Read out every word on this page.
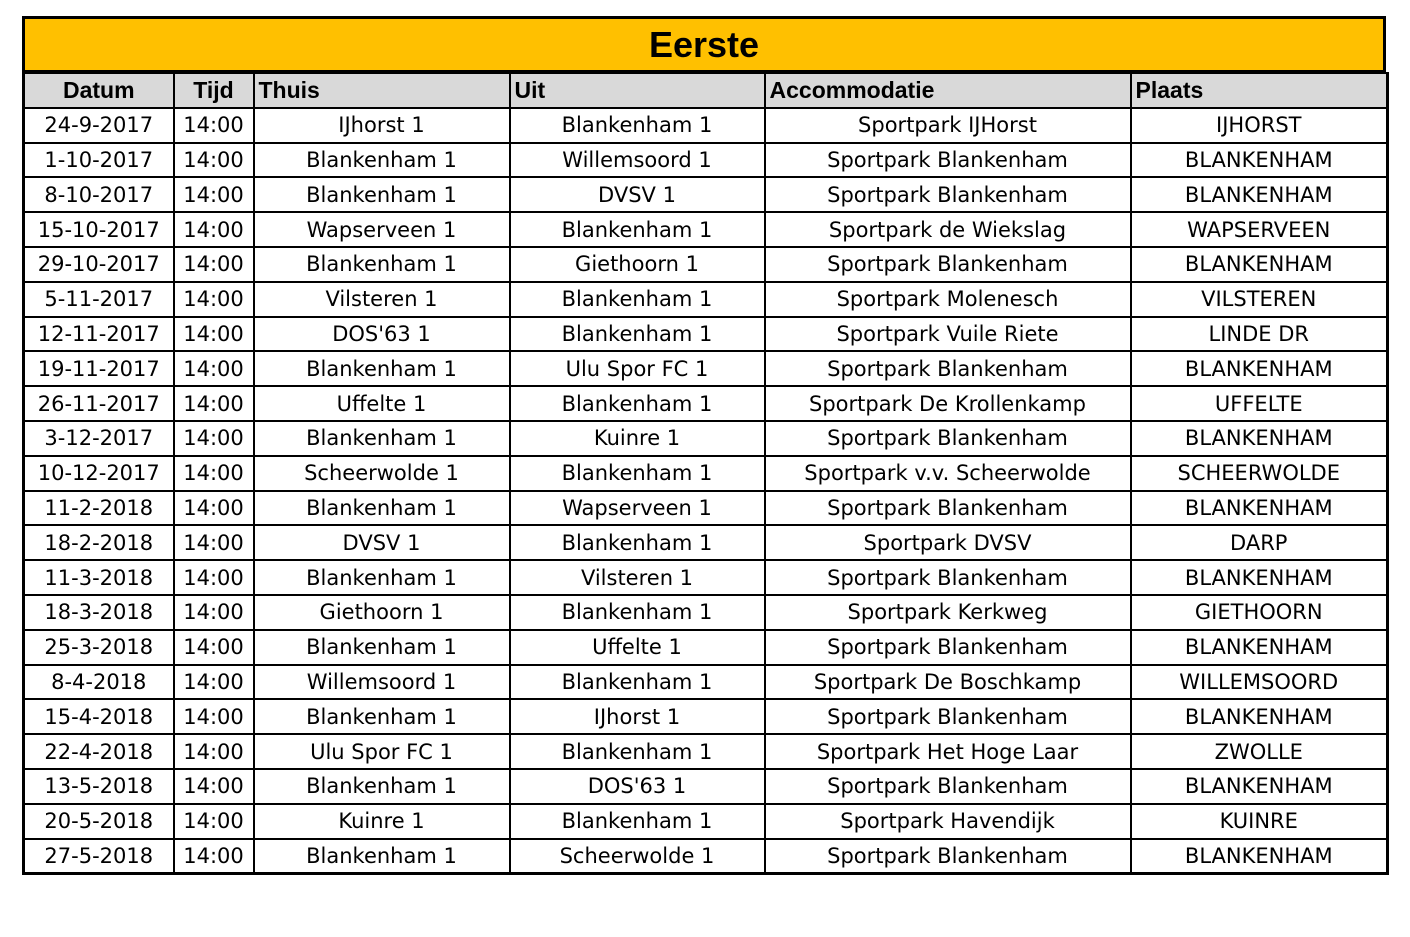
Eerste
Datum	Tijd	Thuis	Uit	Accommodatie	Plaats
24-9-2017	14:00	IJhorst 1	Blankenham 1	Sportpark IJHorst	IJHORST
1-10-2017	14:00	Blankenham 1	Willemsoord 1	Sportpark Blankenham	BLANKENHAM
8-10-2017	14:00	Blankenham 1	DVSV 1	Sportpark Blankenham	BLANKENHAM
15-10-2017	14:00	Wapserveen 1	Blankenham 1	Sportpark de Wiekslag	WAPSERVEEN
29-10-2017	14:00	Blankenham 1	Giethoorn 1	Sportpark Blankenham	BLANKENHAM
5-11-2017	14:00	Vilsteren 1	Blankenham 1	Sportpark Molenesch	VILSTEREN
12-11-2017	14:00	DOS'63 1	Blankenham 1	Sportpark Vuile Riete	LINDE DR
19-11-2017	14:00	Blankenham 1	Ulu Spor FC 1	Sportpark Blankenham	BLANKENHAM
26-11-2017	14:00	Uffelte 1	Blankenham 1	Sportpark De Krollenkamp	UFFELTE
3-12-2017	14:00	Blankenham 1	Kuinre 1	Sportpark Blankenham	BLANKENHAM
10-12-2017	14:00	Scheerwolde 1	Blankenham 1	Sportpark v.v. Scheerwolde	SCHEERWOLDE
11-2-2018	14:00	Blankenham 1	Wapserveen 1	Sportpark Blankenham	BLANKENHAM
18-2-2018	14:00	DVSV 1	Blankenham 1	Sportpark DVSV	DARP
11-3-2018	14:00	Blankenham 1	Vilsteren 1	Sportpark Blankenham	BLANKENHAM
18-3-2018	14:00	Giethoorn 1	Blankenham 1	Sportpark Kerkweg	GIETHOORN
25-3-2018	14:00	Blankenham 1	Uffelte 1	Sportpark Blankenham	BLANKENHAM
8-4-2018	14:00	Willemsoord 1	Blankenham 1	Sportpark De Boschkamp	WILLEMSOORD
15-4-2018	14:00	Blankenham 1	IJhorst 1	Sportpark Blankenham	BLANKENHAM
22-4-2018	14:00	Ulu Spor FC 1	Blankenham 1	Sportpark Het Hoge Laar	ZWOLLE
13-5-2018	14:00	Blankenham 1	DOS'63 1	Sportpark Blankenham	BLANKENHAM
20-5-2018	14:00	Kuinre 1	Blankenham 1	Sportpark Havendijk	KUINRE
27-5-2018	14:00	Blankenham 1	Scheerwolde 1	Sportpark Blankenham	BLANKENHAM
